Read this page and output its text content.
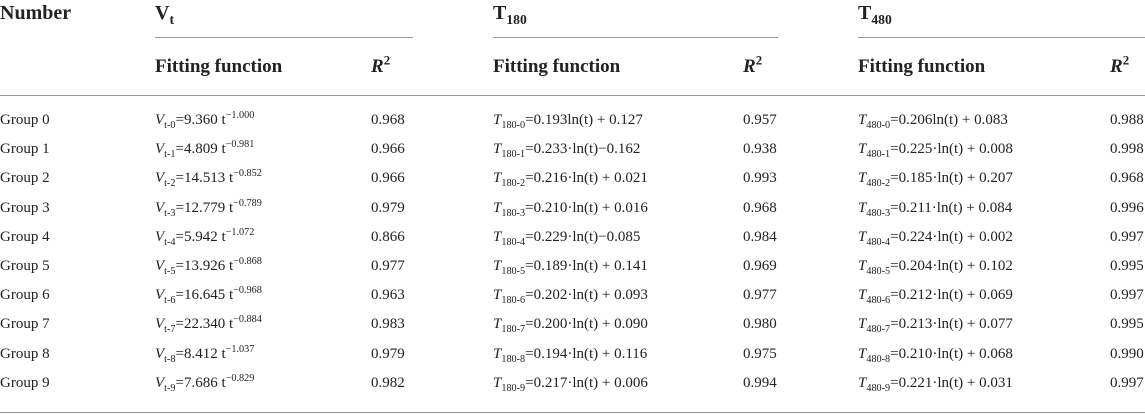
Number	$V_t$	$T_{180}$	$T_{480}$
Fitting function	$R^2$	Fitting function	$R^2$	Fitting function	$R^2$
Group 0	$V_{t-0}=9.360$ $t^{-1.000}$	0.968	$T_{180-0}=0.193\ln(t) + 0.127$	0.957	$T_{480-0}=0.206\ln(t) + 0.083$	0.988
Group 1	$V_{t-1}=4.809$ $t^{-0.981}$	0.966	$T_{180-1}=0.233\cdot\ln(t)-0.162$	0.938	$T_{480-1}=0.225\cdot\ln(t) + 0.008$	0.998
Group 2	$V_{t-2}=14.513$ $t^{-0.852}$	0.966	$T_{180-2}=0.216\cdot\ln(t) + 0.021$	0.993	$T_{480-2}=0.185\cdot\ln(t) + 0.207$	0.968
Group 3	$V_{t-3}=12.779$ $t^{-0.789}$	0.979	$T_{180-3}=0.210\cdot\ln(t) + 0.016$	0.968	$T_{480-3}=0.211\cdot\ln(t) + 0.084$	0.996
Group 4	$V_{t-4}=5.942$ $t^{-1.072}$	0.866	$T_{180-4}=0.229\cdot\ln(t)-0.085$	0.984	$T_{480-4}=0.224\cdot\ln(t) + 0.002$	0.997
Group 5	$V_{t-5}=13.926$ $t^{-0.868}$	0.977	$T_{180-5}=0.189\cdot\ln(t) + 0.141$	0.969	$T_{480-5}=0.204\cdot\ln(t) + 0.102$	0.995
Group 6	$V_{t-6}=16.645$ $t^{-0.968}$	0.963	$T_{180-6}=0.202\cdot\ln(t) + 0.093$	0.977	$T_{480-6}=0.212\cdot\ln(t) + 0.069$	0.997
Group 7	$V_{t-7}=22.340$ $t^{-0.884}$	0.983	$T_{180-7}=0.200\cdot\ln(t) + 0.090$	0.980	$T_{480-7}=0.213\cdot\ln(t) + 0.077$	0.995
Group 8	$V_{t-8}=8.412$ $t^{-1.037}$	0.979	$T_{180-8}=0.194\cdot\ln(t) + 0.116$	0.975	$T_{480-8}=0.210\cdot\ln(t) + 0.068$	0.990
Group 9	$V_{t-9}=7.686$ $t^{-0.829}$	0.982	$T_{180-9}=0.217\cdot\ln(t) + 0.006$	0.994	$T_{480-9}=0.221\cdot\ln(t) + 0.031$	0.997
